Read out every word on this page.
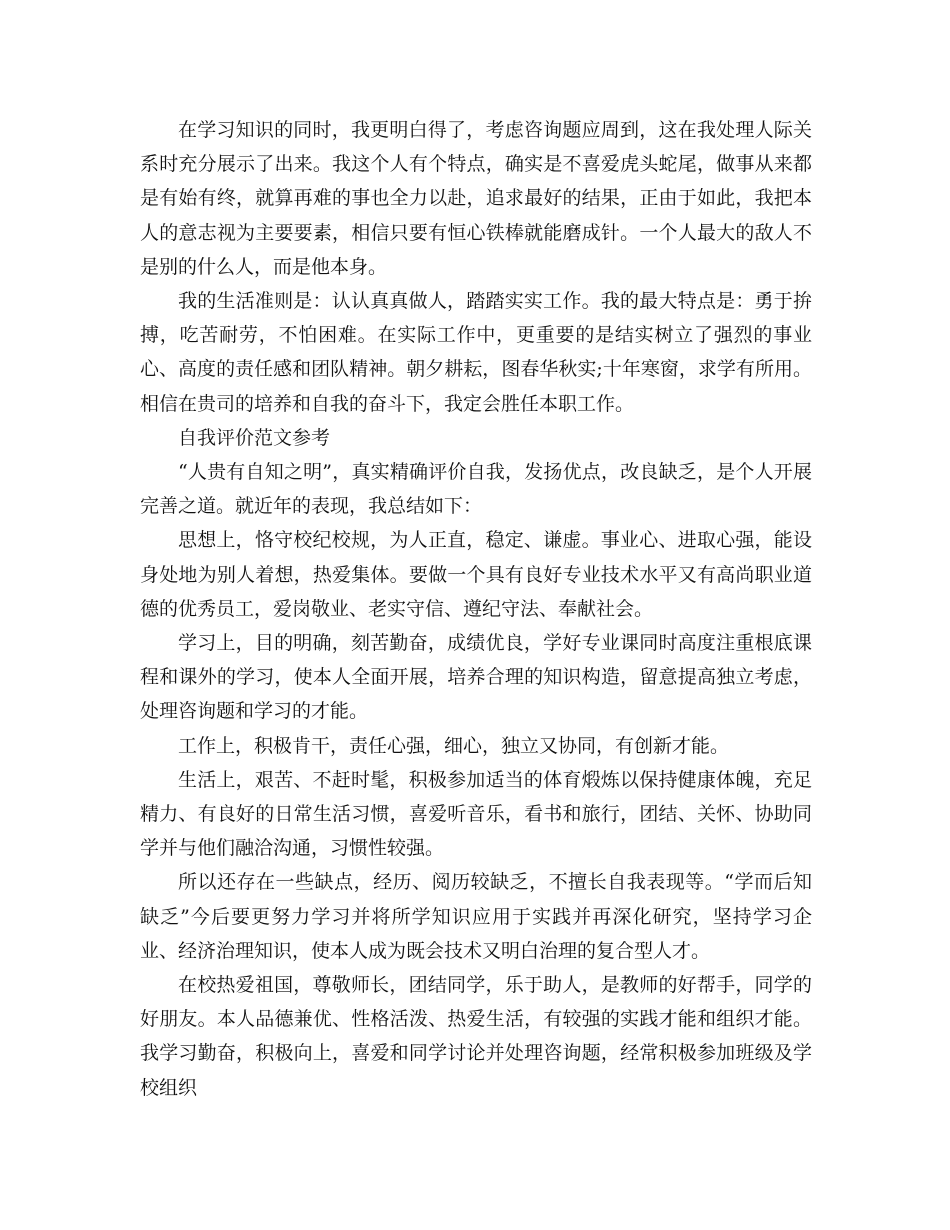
在学习知识的同时，我更明白得了，考虑咨询题应周到，这在我处理人际关系时充分展示了出来。我这个人有个特点，确实是不喜爱虎头蛇尾，做事从来都是有始有终，就算再难的事也全力以赴，追求最好的结果，正由于如此，我把本人的意志视为主要要素，相信只要有恒心铁棒就能磨成针。一个人最大的敌人不是别的什么人，而是他本身。

我的生活准则是：认认真真做人，踏踏实实工作。我的最大特点是：勇于拚搏，吃苦耐劳，不怕困难。在实际工作中，更重要的是结实树立了强烈的事业心、高度的责任感和团队精神。朝夕耕耘，图春华秋实;十年寒窗，求学有所用。相信在贵司的培养和自我的奋斗下，我定会胜任本职工作。

自我评价范文参考

“人贵有自知之明”，真实精确评价自我，发扬优点，改良缺乏，是个人开展完善之道。就近年的表现，我总结如下：

思想上，恪守校纪校规，为人正直，稳定、谦虚。事业心、进取心强，能设身处地为别人着想，热爱集体。要做一个具有良好专业技术水平又有高尚职业道德的优秀员工，爱岗敬业、老实守信、遵纪守法、奉献社会。

学习上，目的明确，刻苦勤奋，成绩优良，学好专业课同时高度注重根底课程和课外的学习，使本人全面开展，培养合理的知识构造，留意提高独立考虑，处理咨询题和学习的才能。

工作上，积极肯干，责任心强，细心，独立又协同，有创新才能。

生活上，艰苦、不赶时髦，积极参加适当的体育煅炼以保持健康体魄，充足精力、有良好的日常生活习惯，喜爱听音乐，看书和旅行，团结、关怀、协助同学并与他们融洽沟通，习惯性较强。

所以还存在一些缺点，经历、阅历较缺乏，不擅长自我表现等。“学而后知缺乏”今后要更努力学习并将所学知识应用于实践并再深化研究，坚持学习企业、经济治理知识，使本人成为既会技术又明白治理的复合型人才。

在校热爱祖国，尊敬师长，团结同学，乐于助人，是教师的好帮手，同学的好朋友。本人品德兼优、性格活泼、热爱生活，有较强的实践才能和组织才能。我学习勤奋，积极向上，喜爱和同学讨论并处理咨询题，经常积极参加班级及学校组织
